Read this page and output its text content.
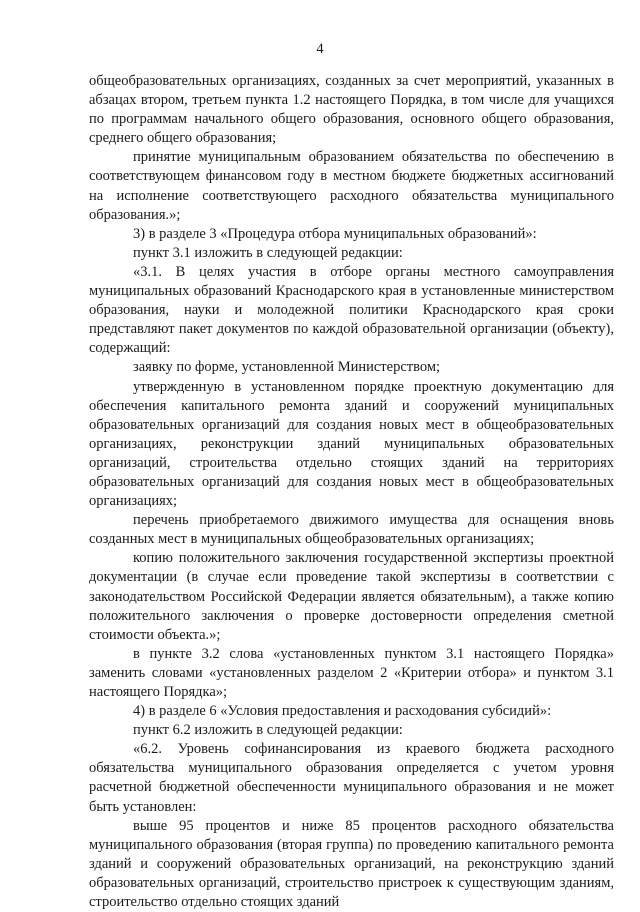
4

общеобразовательных организациях, созданных за счет мероприятий, указанных в абзацах втором, третьем пункта 1.2 настоящего Порядка, в том числе для учащихся по программам начального общего образования, основного общего образования, среднего общего образования;

принятие муниципальным образованием обязательства по обеспечению в соответствующем финансовом году в местном бюджете бюджетных ассигнований на исполнение соответствующего расходного обязательства муниципального образования.»;

3) в разделе 3 «Процедура отбора муниципальных образований»:

пункт 3.1 изложить в следующей редакции:

«3.1. В целях участия в отборе органы местного самоуправления муниципальных образований Краснодарского края в установленные министерством образования, науки и молодежной политики Краснодарского края сроки представляют пакет документов по каждой образовательной организации (объекту), содержащий:

заявку по форме, установленной Министерством;

утвержденную в установленном порядке проектную документацию для обеспечения капитального ремонта зданий и сооружений муниципальных образовательных организаций для создания новых мест в общеобразовательных организациях, реконструкции зданий муниципальных образовательных организаций, строительства отдельно стоящих зданий на территориях образовательных организаций для создания новых мест в общеобразовательных организациях;

перечень приобретаемого движимого имущества для оснащения вновь созданных мест в муниципальных общеобразовательных организациях;

копию положительного заключения государственной экспертизы проектной документации (в случае если проведение такой экспертизы в соответствии с законодательством Российской Федерации является обязательным), а также копию положительного заключения о проверке достоверности определения сметной стоимости объекта.»;

в пункте 3.2 слова «установленных пунктом 3.1 настоящего Порядка» заменить словами «установленных разделом 2 «Критерии отбора» и пунктом 3.1 настоящего Порядка»;

4) в разделе 6 «Условия предоставления и расходования субсидий»:

пункт 6.2 изложить в следующей редакции:

«6.2. Уровень софинансирования из краевого бюджета расходного обязательства муниципального образования определяется с учетом уровня расчетной бюджетной обеспеченности муниципального образования и не может быть установлен:

выше 95 процентов и ниже 85 процентов расходного обязательства муниципального образования (вторая группа) по проведению капитального ремонта зданий и сооружений образовательных организаций, на реконструкцию зданий образовательных организаций, строительство пристроек к существующим зданиям, строительство отдельно стоящих зданий
